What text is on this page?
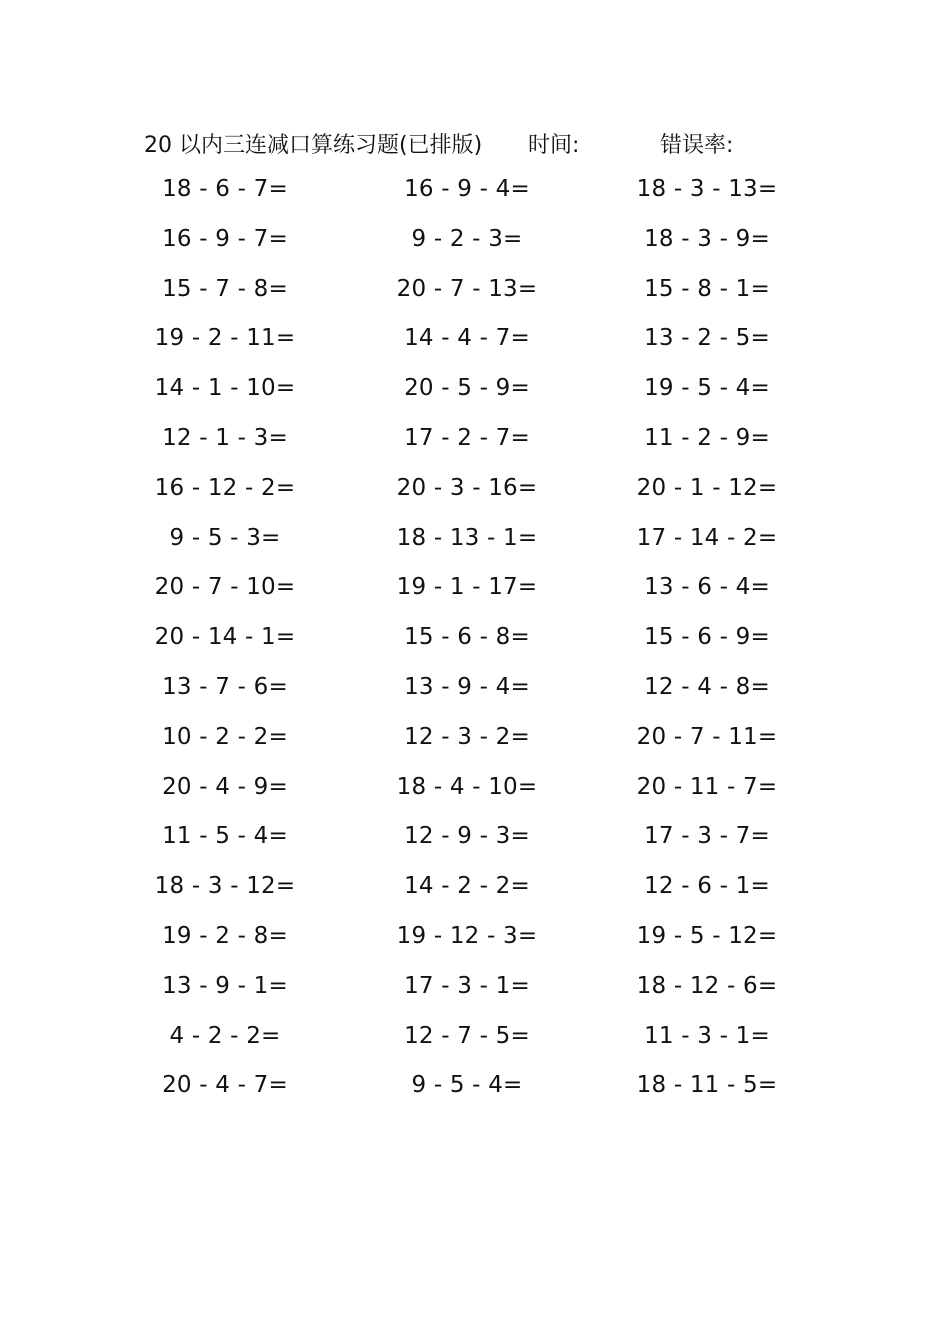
20 以内三连减口算练习题(已排版) 时间:	错误率:
18 - 6 - 7=	16 - 9 - 4=	18 - 3 - 13=
16 - 9 - 7=	9 - 2 - 3=	18 - 3 - 9=
15 - 7 - 8=	20 - 7 - 13=	15 - 8 - 1=
19 - 2 - 11=	14 - 4 - 7=	13 - 2 - 5=
14 - 1 - 10=	20 - 5 - 9=	19 - 5 - 4=
12 - 1 - 3=	17 - 2 - 7=	11 - 2 - 9=
16 - 12 - 2=	20 - 3 - 16=	20 - 1 - 12=
9 - 5 - 3=	18 - 13 - 1=	17 - 14 - 2=
20 - 7 - 10=	19 - 1 - 17=	13 - 6 - 4=
20 - 14 - 1=	15 - 6 - 8=	15 - 6 - 9=
13 - 7 - 6=	13 - 9 - 4=	12 - 4 - 8=
10 - 2 - 2=	12 - 3 - 2=	20 - 7 - 11=
20 - 4 - 9=	18 - 4 - 10=	20 - 11 - 7=
11 - 5 - 4=	12 - 9 - 3=	17 - 3 - 7=
18 - 3 - 12=	14 - 2 - 2=	12 - 6 - 1=
19 - 2 - 8=	19 - 12 - 3=	19 - 5 - 12=
13 - 9 - 1=	17 - 3 - 1=	18 - 12 - 6=
4 - 2 - 2=	12 - 7 - 5=	11 - 3 - 1=
20 - 4 - 7=	9 - 5 - 4=	18 - 11 - 5=
